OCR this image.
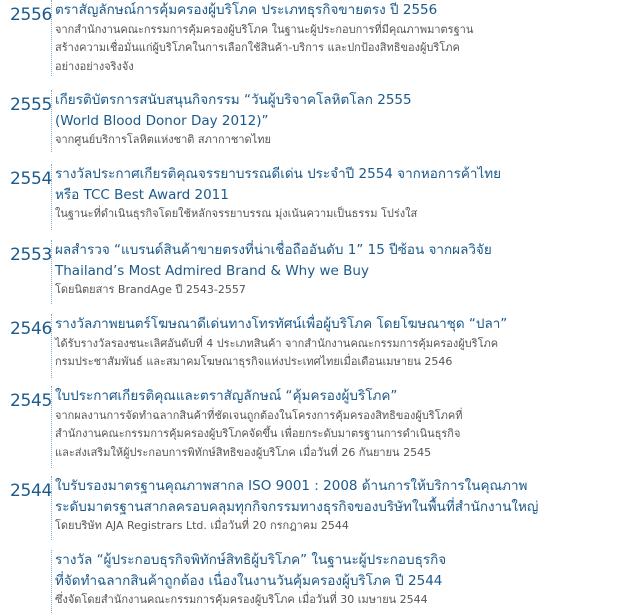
2556 ตราสัญลักษณ์การคุ้มครองผู้บริโภค ประเภทธุรกิจขายตรง ปี 2556
จากสำนักงานคณะกรรมการคุ้มครองผู้บริโภค ในฐานะผู้ประกอบการที่มีคุณภาพมาตรฐาน
สร้างความเชื่อมั่นแก่ผู้บริโภคในการเลือกใช้สินค้า-บริการ และปกป้องสิทธิของผู้บริโภค
อย่างอย่างจริงจัง
2555 เกียรติบัตรการสนับสนุนกิจกรรม “วันผู้บริจาคโลหิตโลก 2555
(World Blood Donor Day 2012)”
จากศูนย์บริการโลหิตแห่งชาติ สภากาชาดไทย
2554 รางวัลประกาศเกียรติคุณจรรยาบรรณดีเด่น ประจำปี 2554 จากหอการค้าไทย
หรือ TCC Best Award 2011
ในฐานะที่ดำเนินธุรกิจโดยใช้หลักจรรยาบรรณ มุ่งเน้นความเป็นธรรม โปร่งใส
2553 ผลสำรวจ “แบรนด์สินค้าขายตรงที่น่าเชื่อถืออันดับ 1” 15 ปีซ้อน จากผลวิจัย
Thailand’s Most Admired Brand & Why we Buy
โดยนิตยสาร BrandAge ปี 2543-2557
2546 รางวัลภาพยนตร์โฆษณาดีเด่นทางโทรทัศน์เพื่อผู้บริโภค โดยโฆษณาชุด “ปลา”
ได้รับรางวัลรองชนะเลิศอันดับที่ 4 ประเภทสินค้า จากสำนักงานคณะกรรมการคุ้มครองผู้บริโภค
กรมประชาสัมพันธ์ และสมาคมโฆษณาธุรกิจแห่งประเทศไทยเมื่อเดือนเมษายน 2546
2545 ใบประกาศเกียรติคุณและตราสัญลักษณ์ “คุ้มครองผู้บริโภค”
จากผลงานการจัดทำฉลากสินค้าที่ชัดเจนถูกต้องในโครงการคุ้มครองสิทธิของผู้บริโภคที่
สำนักงานคณะกรรมการคุ้มครองผู้บริโภคจัดขึ้น เพื่อยกระดับมาตรฐานการดำเนินธุรกิจ
และส่งเสริมให้ผู้ประกอบการพิทักษ์สิทธิของผู้บริโภค เมื่อวันที่ 26 กันยายน 2545
2544 ใบรับรองมาตรฐานคุณภาพสากล ISO 9001 : 2008 ด้านการให้บริการในคุณภาพ
ระดับมาตรฐานสากลครอบคลุมทุกกิจกรรมทางธุรกิจของบริษัทในพื้นที่สำนักงานใหญ่
โดยบริษัท AJA Registrars Ltd. เมื่อวันที่ 20 กรกฎาคม 2544
รางวัล “ผู้ประกอบธุรกิจพิทักษ์สิทธิผู้บริโภค” ในฐานะผู้ประกอบธุรกิจ
ที่จัดทำฉลากสินค้าถูกต้อง เนื่องในงานวันคุ้มครองผู้บริโภค ปี 2544
ซึ่งจัดโดยสำนักงานคณะกรรมการคุ้มครองผู้บริโภค เมื่อวันที่ 30 เมษายน 2544
